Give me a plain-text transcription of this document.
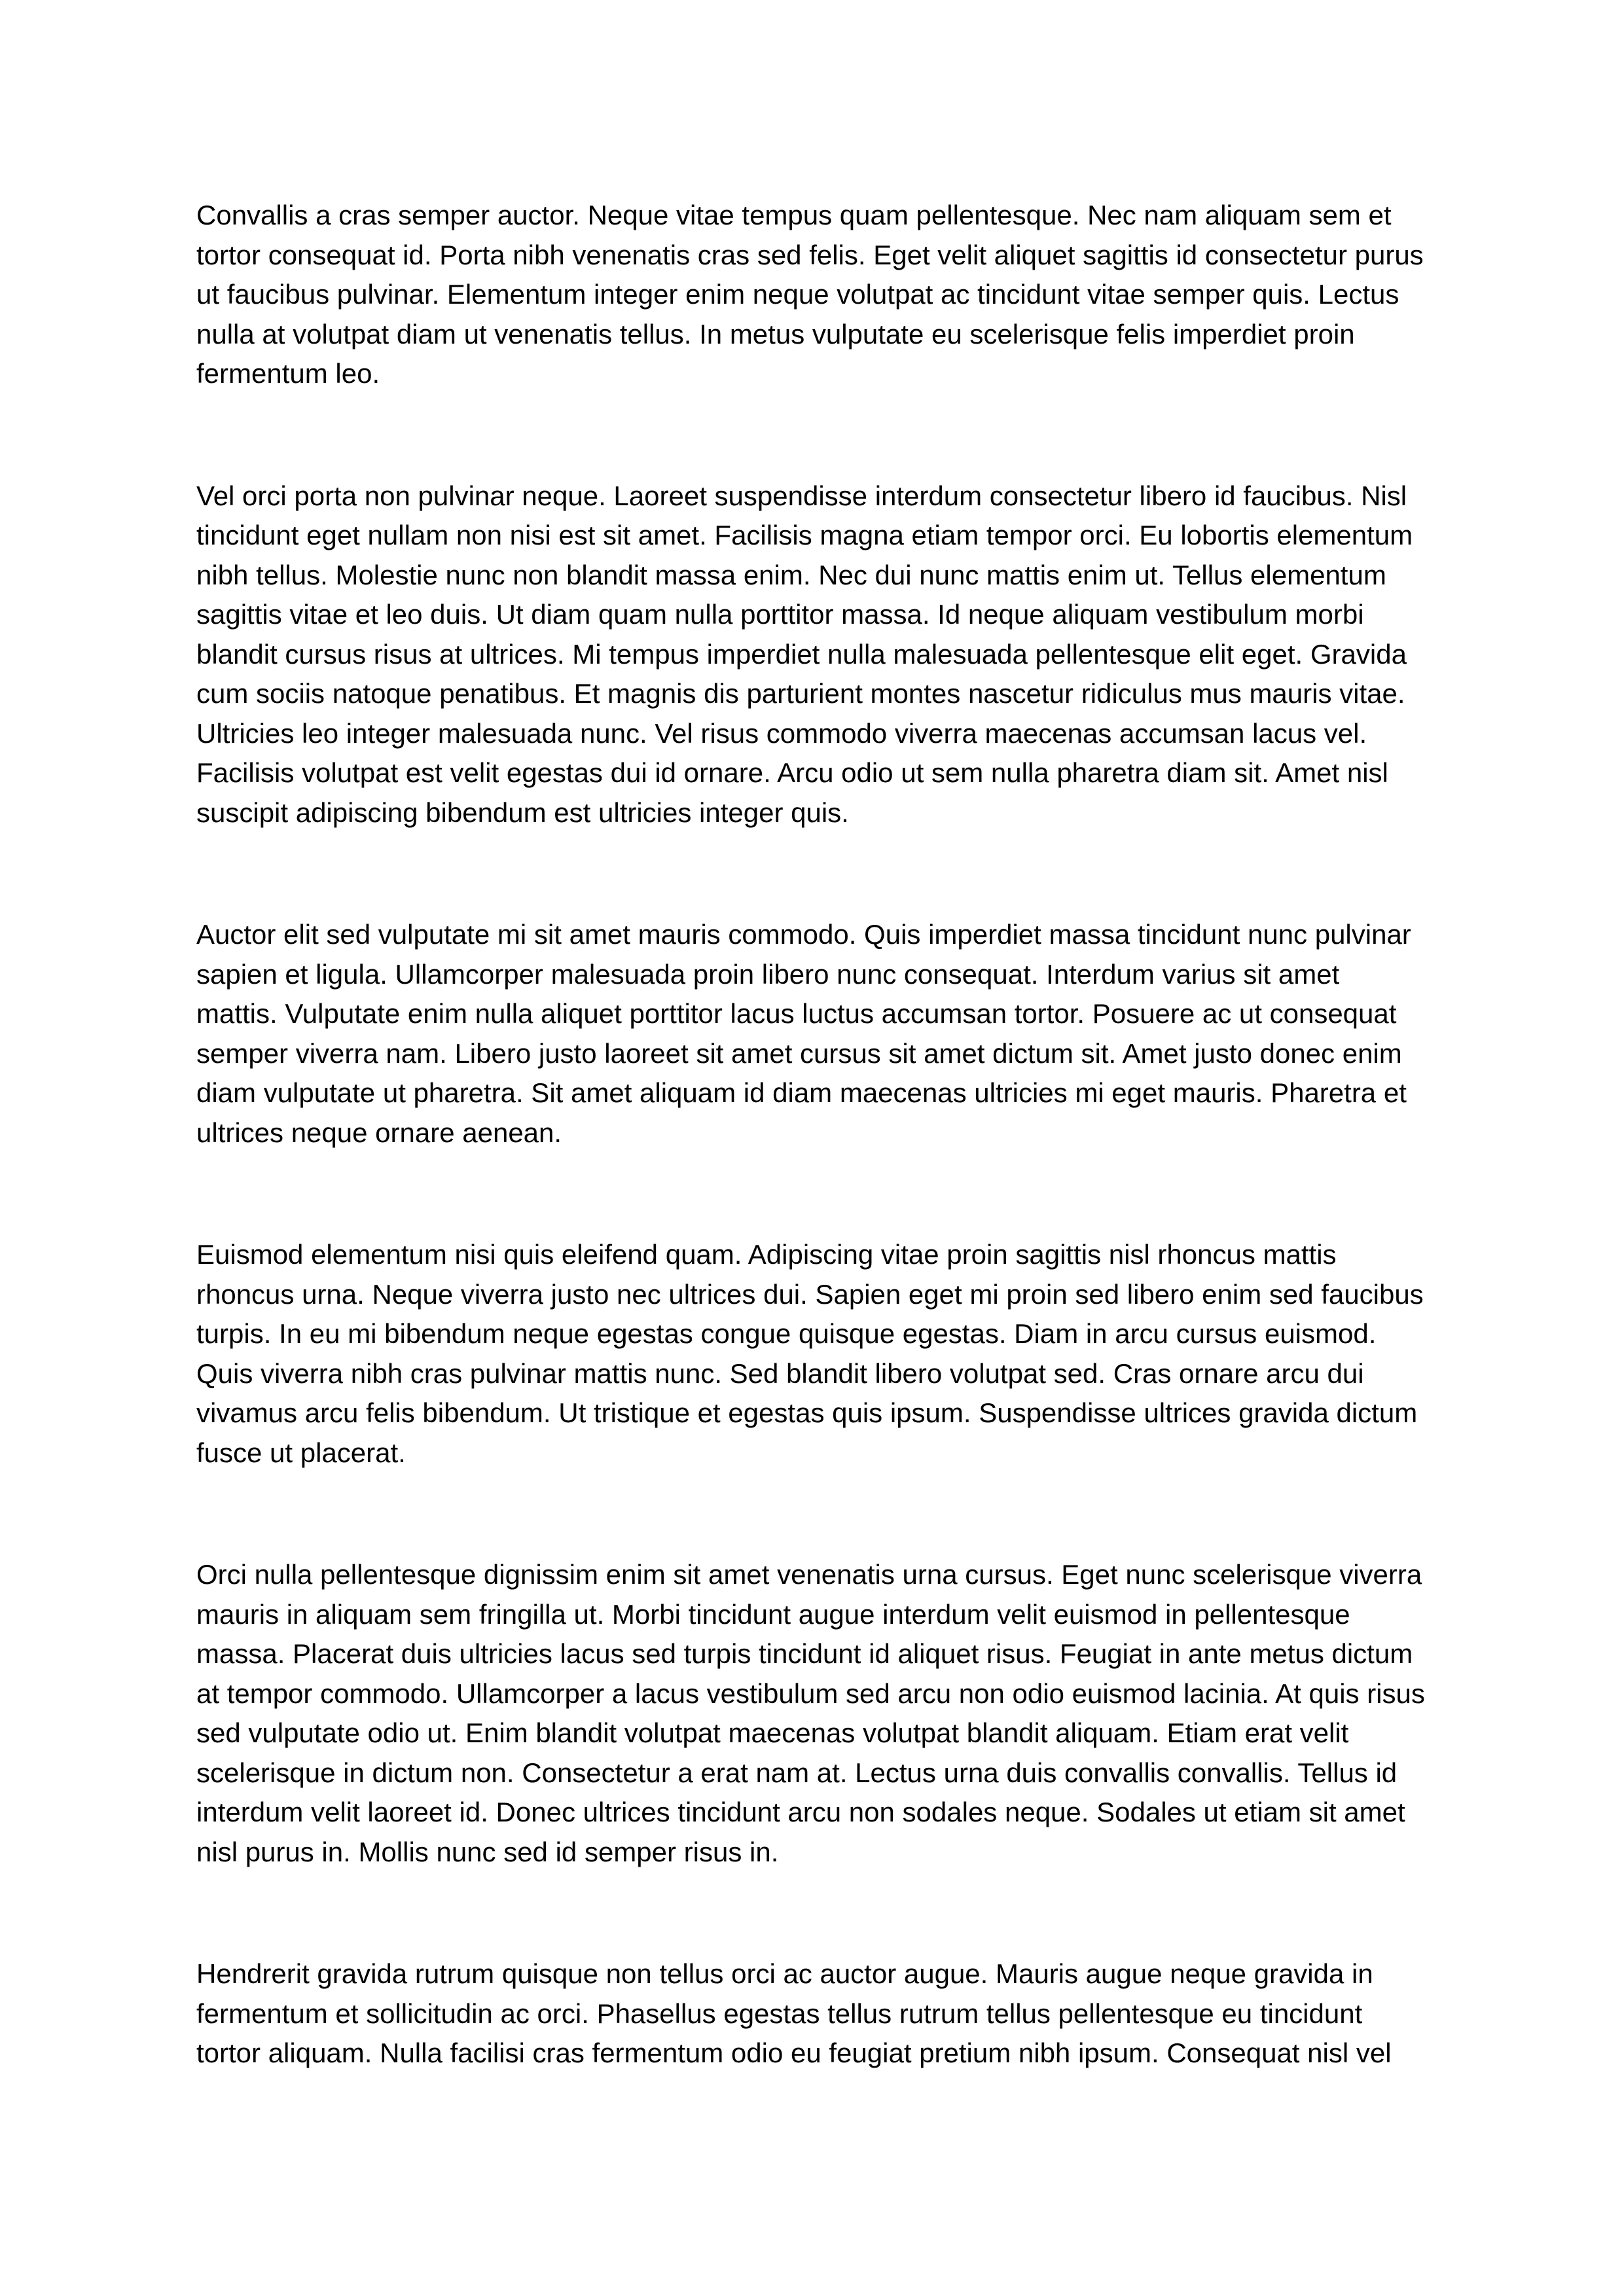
Convallis a cras semper auctor. Neque vitae tempus quam pellentesque. Nec nam aliquam sem et tortor consequat id. Porta nibh venenatis cras sed felis. Eget velit aliquet sagittis id consectetur purus ut faucibus pulvinar. Elementum integer enim neque volutpat ac tincidunt vitae semper quis. Lectus nulla at volutpat diam ut venenatis tellus. In metus vulputate eu scelerisque felis imperdiet proin fermentum leo.

Vel orci porta non pulvinar neque. Laoreet suspendisse interdum consectetur libero id faucibus. Nisl tincidunt eget nullam non nisi est sit amet. Facilisis magna etiam tempor orci. Eu lobortis elementum nibh tellus. Molestie nunc non blandit massa enim. Nec dui nunc mattis enim ut. Tellus elementum sagittis vitae et leo duis. Ut diam quam nulla porttitor massa. Id neque aliquam vestibulum morbi blandit cursus risus at ultrices. Mi tempus imperdiet nulla malesuada pellentesque elit eget. Gravida cum sociis natoque penatibus. Et magnis dis parturient montes nascetur ridiculus mus mauris vitae. Ultricies leo integer malesuada nunc. Vel risus commodo viverra maecenas accumsan lacus vel. Facilisis volutpat est velit egestas dui id ornare. Arcu odio ut sem nulla pharetra diam sit. Amet nisl suscipit adipiscing bibendum est ultricies integer quis.

Auctor elit sed vulputate mi sit amet mauris commodo. Quis imperdiet massa tincidunt nunc pulvinar sapien et ligula. Ullamcorper malesuada proin libero nunc consequat. Interdum varius sit amet mattis. Vulputate enim nulla aliquet porttitor lacus luctus accumsan tortor. Posuere ac ut consequat semper viverra nam. Libero justo laoreet sit amet cursus sit amet dictum sit. Amet justo donec enim diam vulputate ut pharetra. Sit amet aliquam id diam maecenas ultricies mi eget mauris. Pharetra et ultrices neque ornare aenean.

Euismod elementum nisi quis eleifend quam. Adipiscing vitae proin sagittis nisl rhoncus mattis rhoncus urna. Neque viverra justo nec ultrices dui. Sapien eget mi proin sed libero enim sed faucibus turpis. In eu mi bibendum neque egestas congue quisque egestas. Diam in arcu cursus euismod. Quis viverra nibh cras pulvinar mattis nunc. Sed blandit libero volutpat sed. Cras ornare arcu dui vivamus arcu felis bibendum. Ut tristique et egestas quis ipsum. Suspendisse ultrices gravida dictum fusce ut placerat.

Orci nulla pellentesque dignissim enim sit amet venenatis urna cursus. Eget nunc scelerisque viverra mauris in aliquam sem fringilla ut. Morbi tincidunt augue interdum velit euismod in pellentesque massa. Placerat duis ultricies lacus sed turpis tincidunt id aliquet risus. Feugiat in ante metus dictum at tempor commodo. Ullamcorper a lacus vestibulum sed arcu non odio euismod lacinia. At quis risus sed vulputate odio ut. Enim blandit volutpat maecenas volutpat blandit aliquam. Etiam erat velit scelerisque in dictum non. Consectetur a erat nam at. Lectus urna duis convallis convallis. Tellus id interdum velit laoreet id. Donec ultrices tincidunt arcu non sodales neque. Sodales ut etiam sit amet nisl purus in. Mollis nunc sed id semper risus in.

Hendrerit gravida rutrum quisque non tellus orci ac auctor augue. Mauris augue neque gravida in fermentum et sollicitudin ac orci. Phasellus egestas tellus rutrum tellus pellentesque eu tincidunt tortor aliquam. Nulla facilisi cras fermentum odio eu feugiat pretium nibh ipsum. Consequat nisl vel
